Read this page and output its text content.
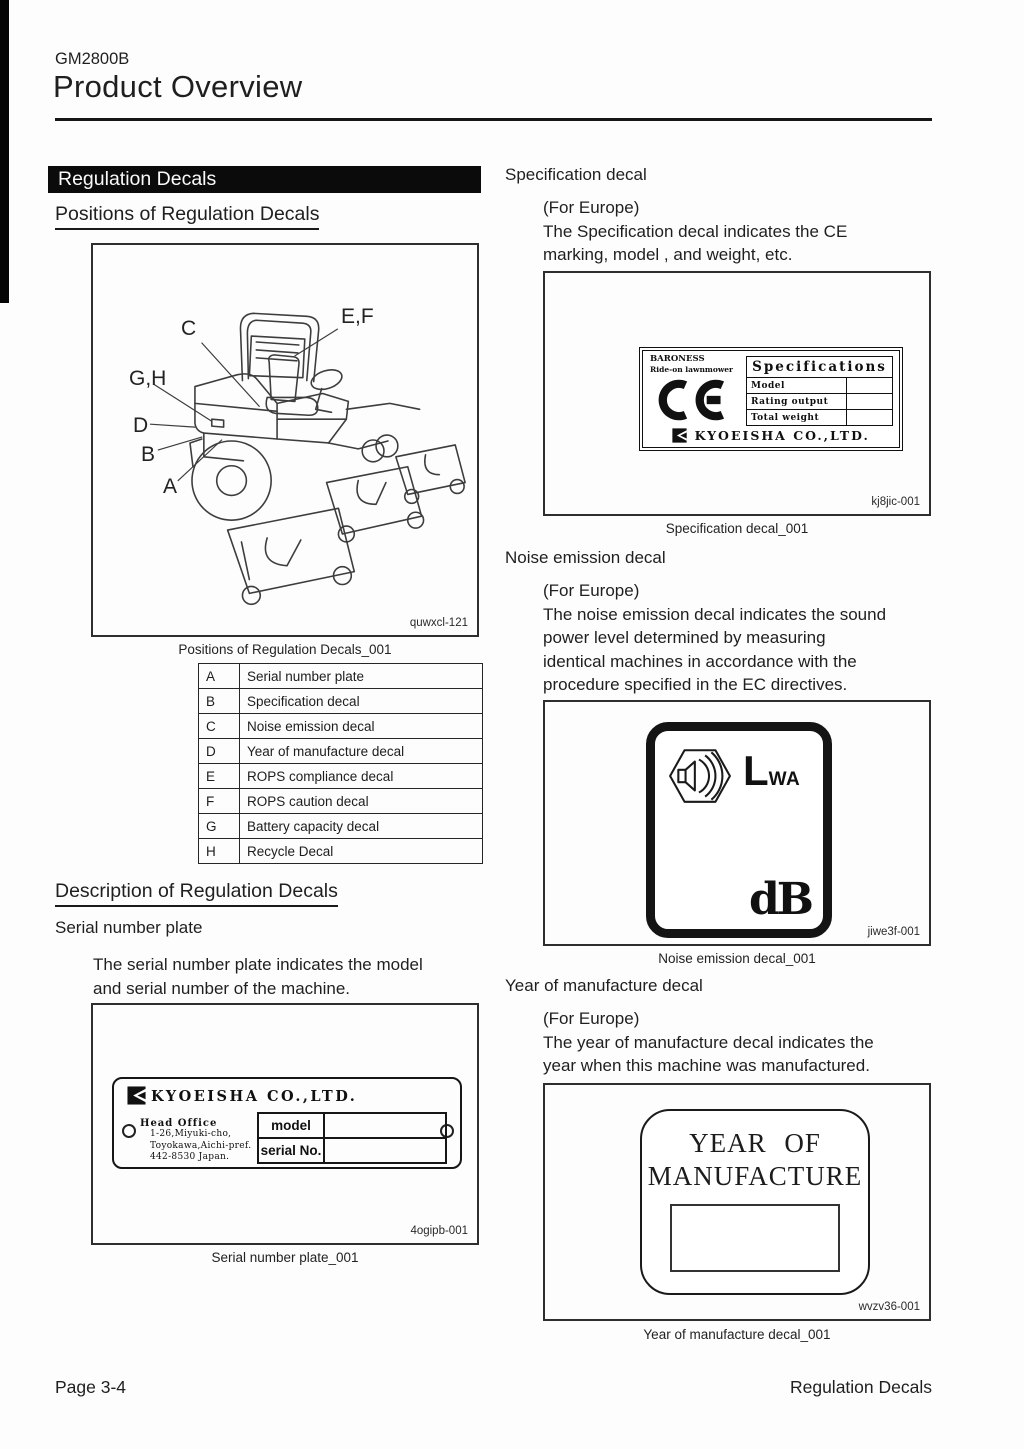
GM2800B
Product Overview
Regulation Decals
Positions of Regulation Decals
C
E,F
G,H
D
B
A
quwxcl-121
Positions of Regulation Decals_001
A	Serial number plate
B	Specification decal
C	Noise emission decal
D	Year of manufacture decal
E	ROPS compliance decal
F	ROPS caution decal
G	Battery capacity decal
H	Recycle Decal
Description of Regulation Decals
Serial number plate
The serial number plate indicates the model
and serial number of the machine.
KYOEISHA CO.,LTD.
Head Office
1-26,Miyuki-cho,
Toyokawa,Aichi-pref.
442-8530 Japan.
model	
serial No.	
4ogipb-001
Serial number plate_001
Specification decal
(For Europe)
The Specification decal indicates the CE
marking, model , and weight, etc.
BARONESS
Ride-on lawnmower
KYOEISHA CO.,LTD.
Specifications	
Model	
Rating output	
Total weight	
kj8jic-001
Specification decal_001
Noise emission decal
(For Europe)
The noise emission decal indicates the sound
power level determined by measuring
identical machines in accordance with the
procedure specified in the EC directives.
LWA
dB
jiwe3f-001
Noise emission decal_001
Year of manufacture decal
(For Europe)
The year of manufacture decal indicates the
year when this machine was manufactured.
YEAR OF
MANUFACTURE
wvzv36-001
Year of manufacture decal_001
Page 3-4	Regulation Decals
